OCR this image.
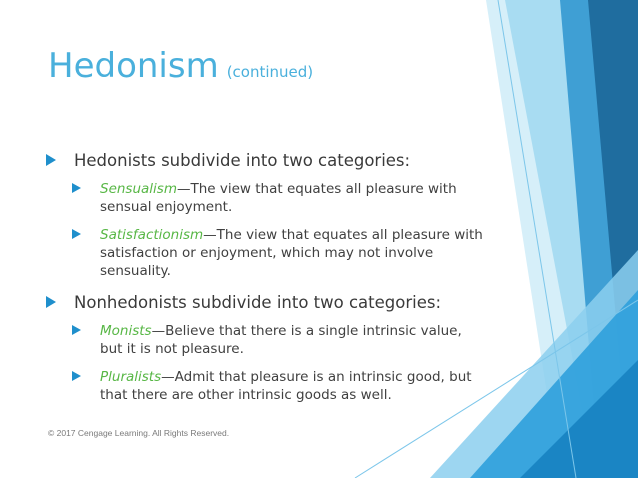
Hedonism (continued)
Hedonists subdivide into two categories:
Sensualism—The view that equates all pleasure with sensual enjoyment.
Satisfactionism—The view that equates all pleasure with satisfaction or enjoyment, which may not involve sensuality.
Nonhedonists subdivide into two categories:
Monists—Believe that there is a single intrinsic value, but it is not pleasure.
Pluralists—Admit that pleasure is an intrinsic good, but that there are other intrinsic goods as well.
© 2017 Cengage Learning. All Rights Reserved.
